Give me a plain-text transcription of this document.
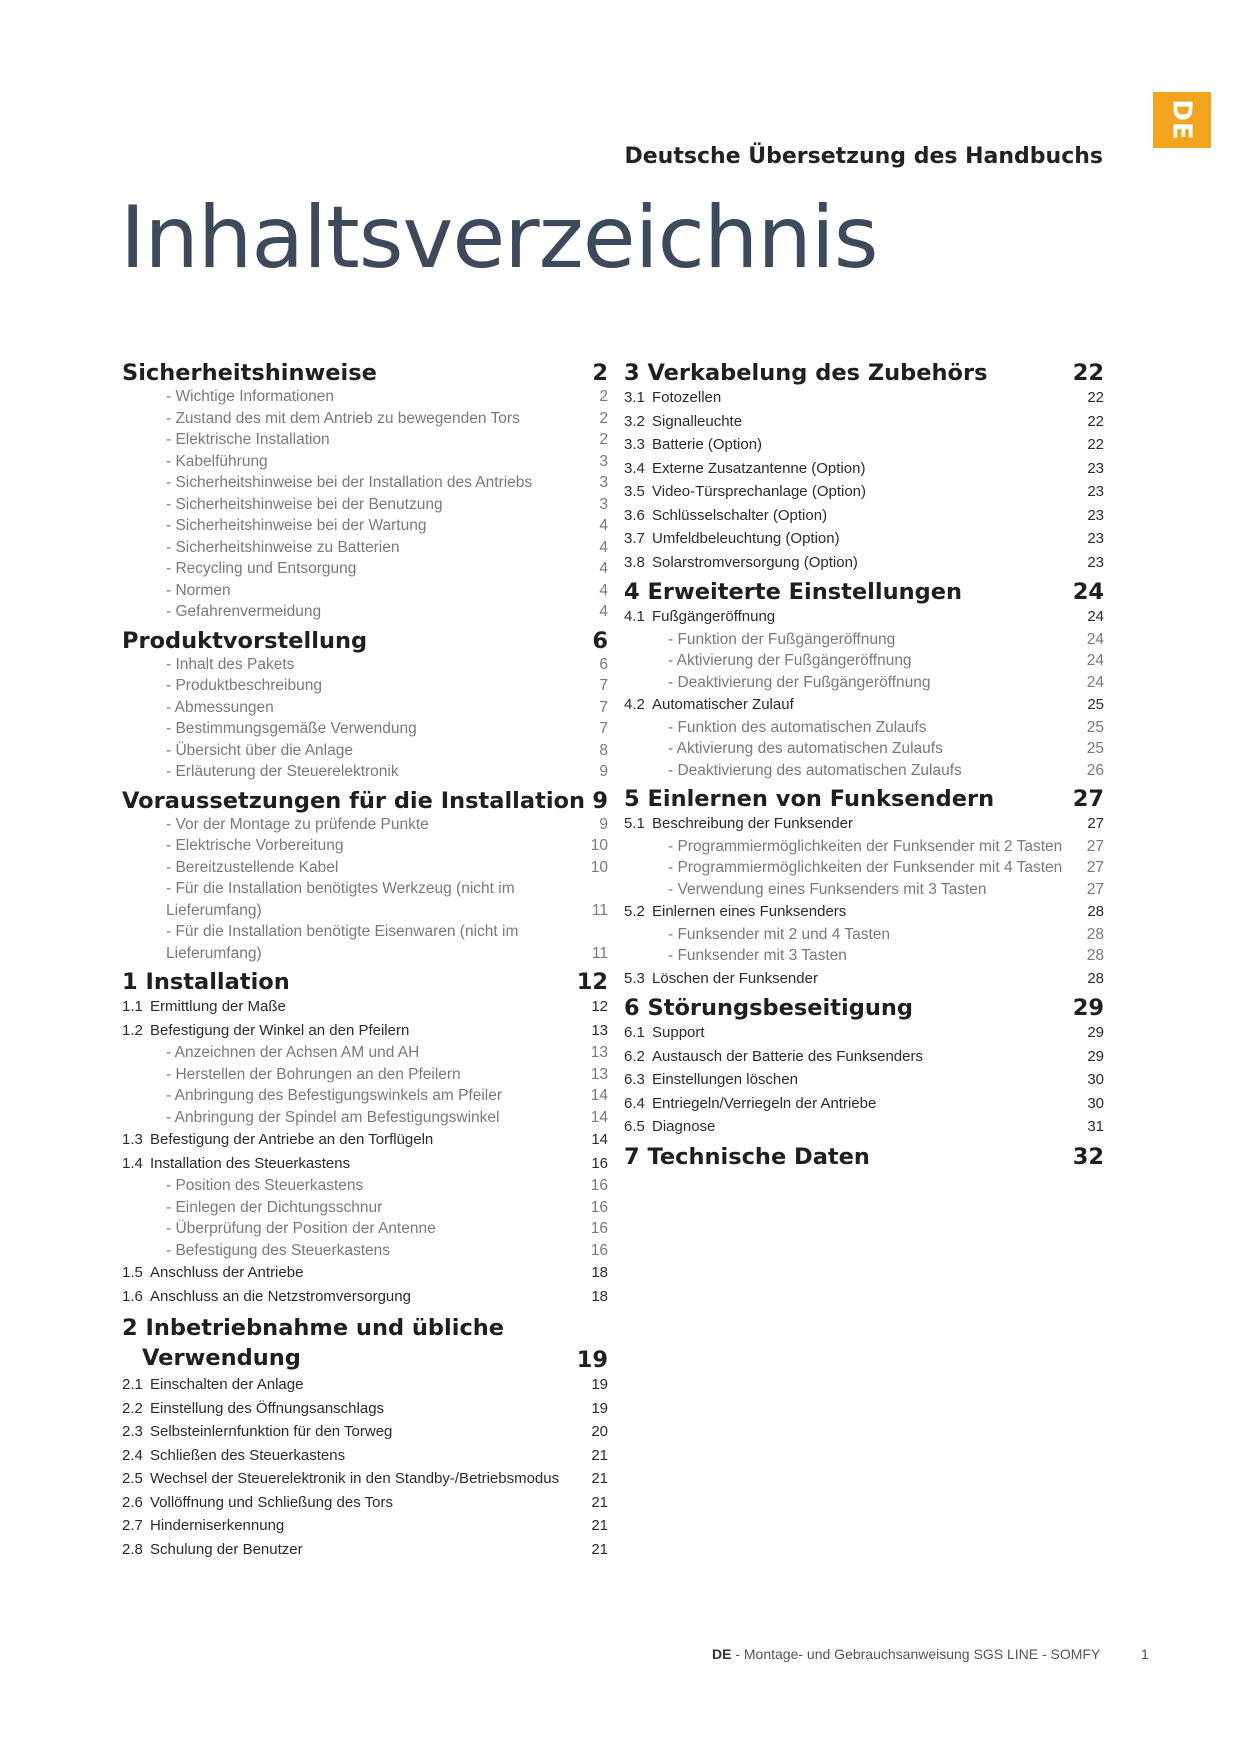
DE
Deutsche Übersetzung des Handbuchs
Inhaltsverzeichnis
Sicherheitshinweise	2
- Wichtige Informationen	2
- Zustand des mit dem Antrieb zu bewegenden Tors	2
- Elektrische Installation	2
- Kabelführung	3
- Sicherheitshinweise bei der Installation des Antriebs	3
- Sicherheitshinweise bei der Benutzung	3
- Sicherheitshinweise bei der Wartung	4
- Sicherheitshinweise zu Batterien	4
- Recycling und Entsorgung	4
- Normen	4
- Gefahrenvermeidung	4
Produktvorstellung	6
- Inhalt des Pakets	6
- Produktbeschreibung	7
- Abmessungen	7
- Bestimmungsgemäße Verwendung	7
- Übersicht über die Anlage	8
- Erläuterung der Steuerelektronik	9
Voraussetzungen für die Installation 9
- Vor der Montage zu prüfende Punkte	9
- Elektrische Vorbereitung	10
- Bereitzustellende Kabel	10
- Für die Installation benötigtes Werkzeug (nicht im
Lieferumfang)	11
- Für die Installation benötigte Eisenwaren (nicht im
Lieferumfang)	11
1 Installation	12
1.1 Ermittlung der Maße	12
1.2 Befestigung der Winkel an den Pfeilern	13
- Anzeichnen der Achsen AM und AH	13
- Herstellen der Bohrungen an den Pfeilern	13
- Anbringung des Befestigungswinkels am Pfeiler	14
- Anbringung der Spindel am Befestigungswinkel	14
1.3 Befestigung der Antriebe an den Torflügeln	14
1.4 Installation des Steuerkastens	16
- Position des Steuerkastens	16
- Einlegen der Dichtungsschnur	16
- Überprüfung der Position der Antenne	16
- Befestigung des Steuerkastens	16
1.5 Anschluss der Antriebe	18
1.6 Anschluss an die Netzstromversorgung	18
2 Inbetriebnahme und übliche
Verwendung	19
2.1 Einschalten der Anlage	19
2.2 Einstellung des Öffnungsanschlags	19
2.3 Selbsteinlernfunktion für den Torweg	20
2.4 Schließen des Steuerkastens	21
2.5 Wechsel der Steuerelektronik in den Standby-/Betriebsmodus 21
2.6 Vollöffnung und Schließung des Tors	21
2.7 Hinderniserkennung	21
2.8 Schulung der Benutzer	21
3 Verkabelung des Zubehörs	22
3.1 Fotozellen	22
3.2 Signalleuchte	22
3.3 Batterie (Option)	22
3.4 Externe Zusatzantenne (Option)	23
3.5 Video-Türsprechanlage (Option)	23
3.6 Schlüsselschalter (Option)	23
3.7 Umfeldbeleuchtung (Option)	23
3.8 Solarstromversorgung (Option)	23
4 Erweiterte Einstellungen	24
4.1 Fußgängeröffnung	24
- Funktion der Fußgängeröffnung	24
- Aktivierung der Fußgängeröffnung	24
- Deaktivierung der Fußgängeröffnung	24
4.2 Automatischer Zulauf	25
- Funktion des automatischen Zulaufs	25
- Aktivierung des automatischen Zulaufs	25
- Deaktivierung des automatischen Zulaufs	26
5 Einlernen von Funksendern	27
5.1 Beschreibung der Funksender	27
- Programmiermöglichkeiten der Funksender mit 2 Tasten 27
- Programmiermöglichkeiten der Funksender mit 4 Tasten 27
- Verwendung eines Funksenders mit 3 Tasten	27
5.2 Einlernen eines Funksenders	28
- Funksender mit 2 und 4 Tasten	28
- Funksender mit 3 Tasten	28
5.3 Löschen der Funksender	28
6 Störungsbeseitigung	29
6.1 Support	29
6.2 Austausch der Batterie des Funksenders	29
6.3 Einstellungen löschen	30
6.4 Entriegeln/Verriegeln der Antriebe	30
6.5 Diagnose	31
7 Technische Daten	32
DE - Montage- und Gebrauchsanweisung SGS LINE - SOMFY	1
